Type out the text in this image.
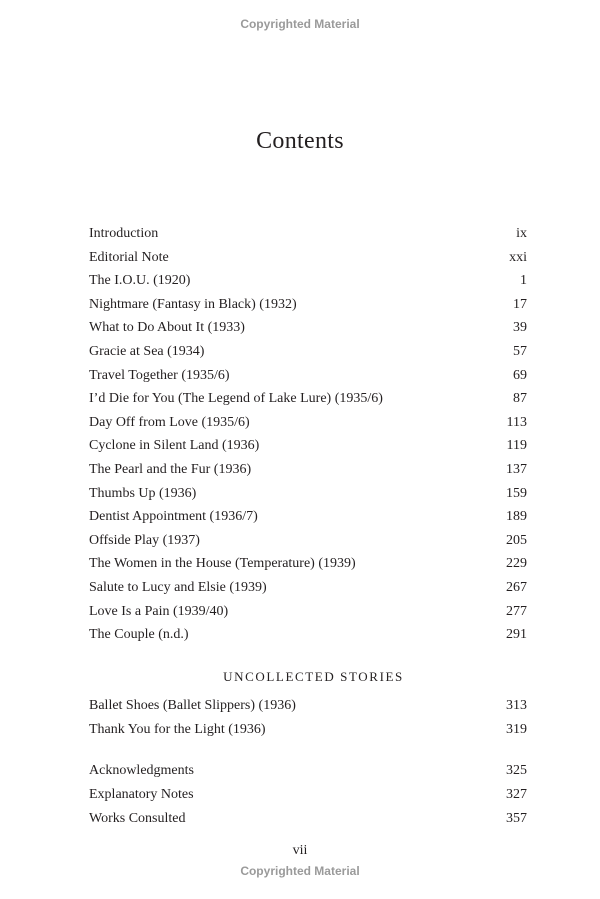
Copyrighted Material
Contents
Introduction	ix
Editorial Note	xxi
The I.O.U. (1920)	1
Nightmare (Fantasy in Black) (1932)	17
What to Do About It (1933)	39
Gracie at Sea (1934)	57
Travel Together (1935/6)	69
I’d Die for You (The Legend of Lake Lure) (1935/6)	87
Day Off from Love (1935/6)	113
Cyclone in Silent Land (1936)	119
The Pearl and the Fur (1936)	137
Thumbs Up (1936)	159
Dentist Appointment (1936/7)	189
Offside Play (1937)	205
The Women in the House (Temperature) (1939)	229
Salute to Lucy and Elsie (1939)	267
Love Is a Pain (1939/40)	277
The Couple (n.d.)	291
UNCOLLECTED STORIES
Ballet Shoes (Ballet Slippers) (1936)	313
Thank You for the Light (1936)	319
Acknowledgments	325
Explanatory Notes	327
Works Consulted	357
vii
Copyrighted Material
